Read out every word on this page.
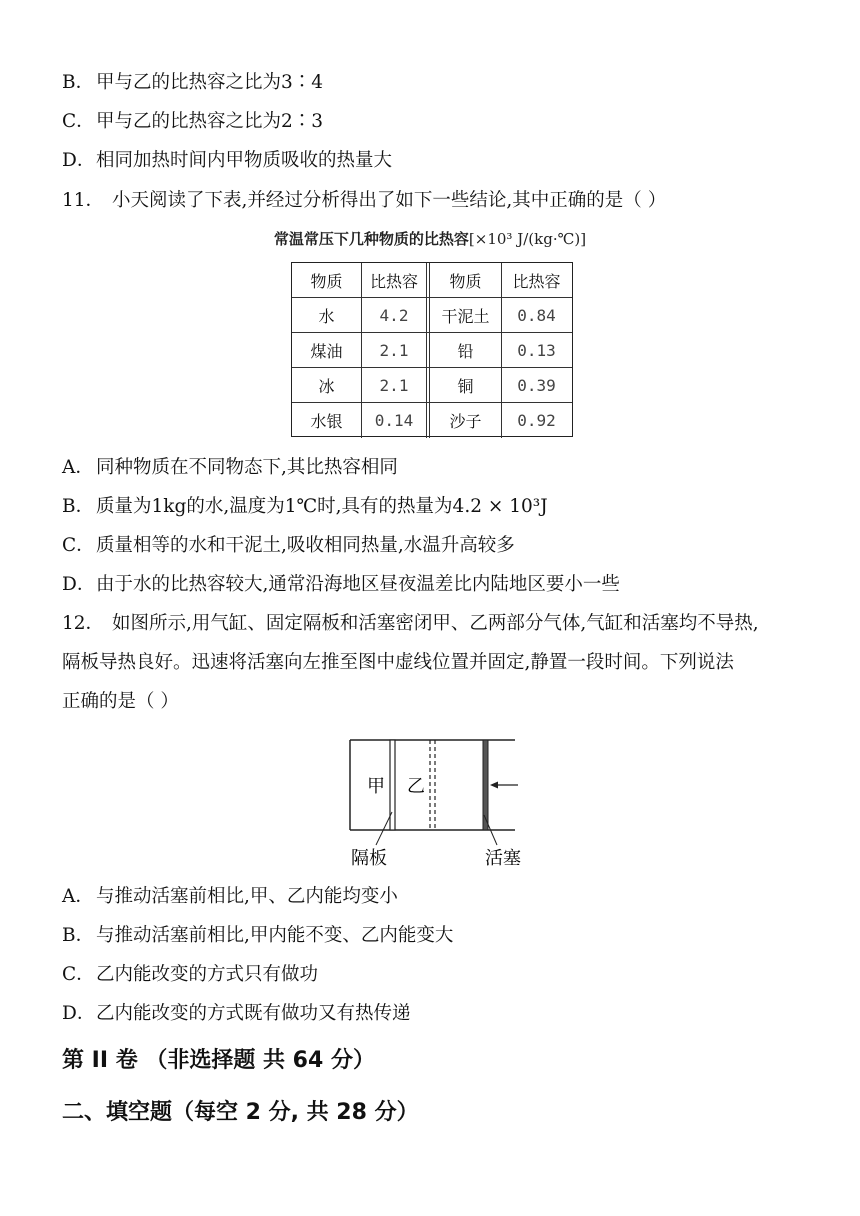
B． 甲与乙的比热容之比为3∶4
C．甲与乙的比热容之比为2∶3
D．相同加热时间内甲物质吸收的热量大
11． 小天阅读了下表,并经过分析得出了如下一些结论,其中正确的是（ ）
常温常压下几种物质的比热容[×10³ J/(kg·℃)]
物质	比热容	物质	比热容
水	4.2	干泥土	0.84
煤油	2.1	铅	0.13
冰	2.1	铜	0.39
水银	0.14	沙子	0.92
A． 同种物质在不同物态下,其比热容相同
B． 质量为1kg的水,温度为1℃时,具有的热量为4.2 × 10³J
C．质量相等的水和干泥土,吸收相同热量,水温升高较多
D．由于水的比热容较大,通常沿海地区昼夜温差比内陆地区要小一些
12． 如图所示,用气缸、固定隔板和活塞密闭甲、乙两部分气体,气缸和活塞均不导热,
隔板导热良好。迅速将活塞向左推至图中虚线位置并固定,静置一段时间。下列说法
正确的是（ ）
甲 乙
隔板	活塞
A． 与推动活塞前相比,甲、乙内能均变小
B． 与推动活塞前相比,甲内能不变、乙内能变大
C．乙内能改变的方式只有做功
D．乙内能改变的方式既有做功又有热传递
第 II 卷 （非选择题 共 64 分）
二、填空题（每空 2 分, 共 28 分）
